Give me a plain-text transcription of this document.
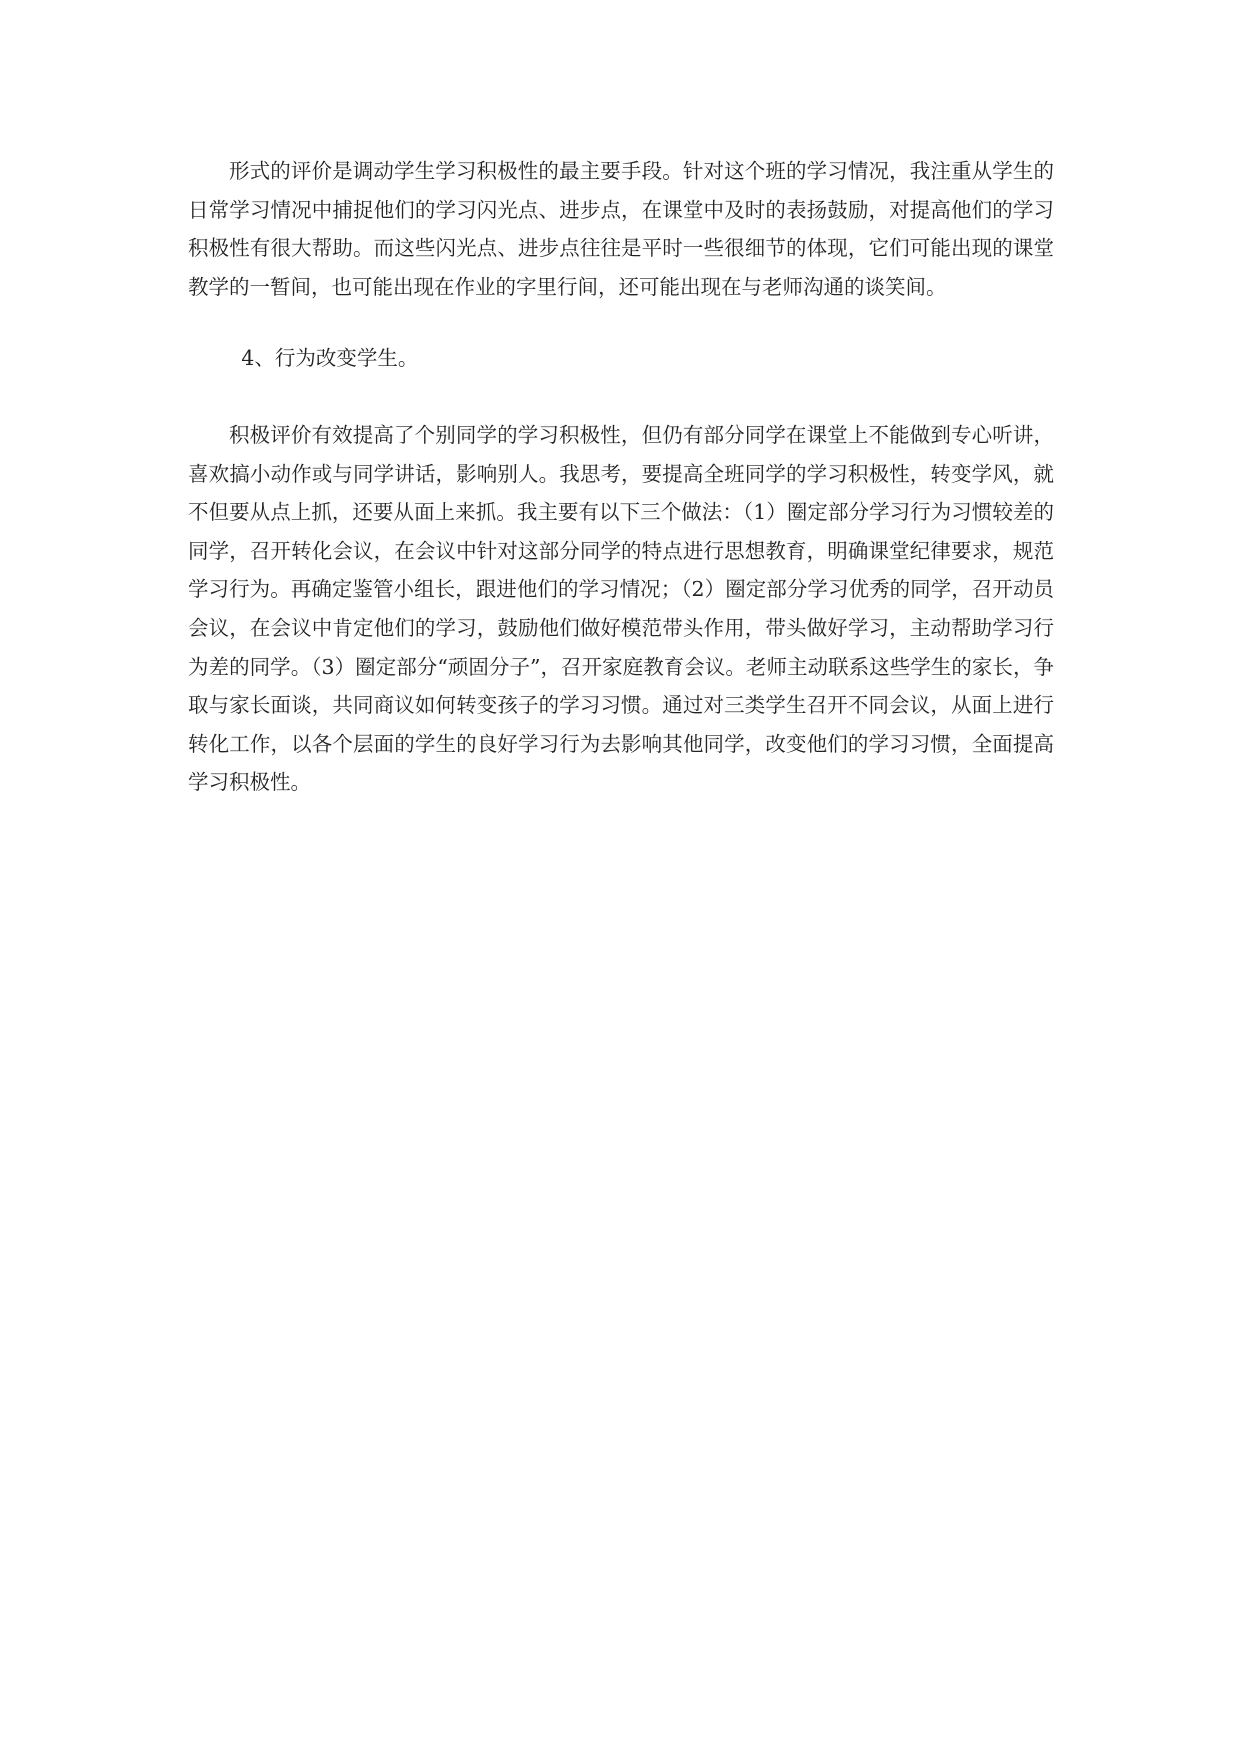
形式的评价是调动学生学习积极性的最主要手段。针对这个班的学习情况，我注重从学生的日常学习情况中捕捉他们的学习闪光点、进步点，在课堂中及时的表扬鼓励，对提高他们的学习积极性有很大帮助。而这些闪光点、进步点往往是平时一些很细节的体现，它们可能出现的课堂教学的一暂间，也可能出现在作业的字里行间，还可能出现在与老师沟通的谈笑间。

4、行为改变学生。

积极评价有效提高了个别同学的学习积极性，但仍有部分同学在课堂上不能做到专心听讲，喜欢搞小动作或与同学讲话，影响别人。我思考，要提高全班同学的学习积极性，转变学风，就不但要从点上抓，还要从面上来抓。我主要有以下三个做法：（1）圈定部分学习行为习惯较差的同学，召开转化会议，在会议中针对这部分同学的特点进行思想教育，明确课堂纪律要求，规范学习行为。再确定鉴管小组长，跟进他们的学习情况；（2）圈定部分学习优秀的同学，召开动员会议，在会议中肯定他们的学习，鼓励他们做好模范带头作用，带头做好学习，主动帮助学习行为差的同学。（3）圈定部分“顽固分子”，召开家庭教育会议。老师主动联系这些学生的家长，争取与家长面谈，共同商议如何转变孩子的学习习惯。通过对三类学生召开不同会议，从面上进行转化工作，以各个层面的学生的良好学习行为去影响其他同学，改变他们的学习习惯，全面提高学习积极性。
